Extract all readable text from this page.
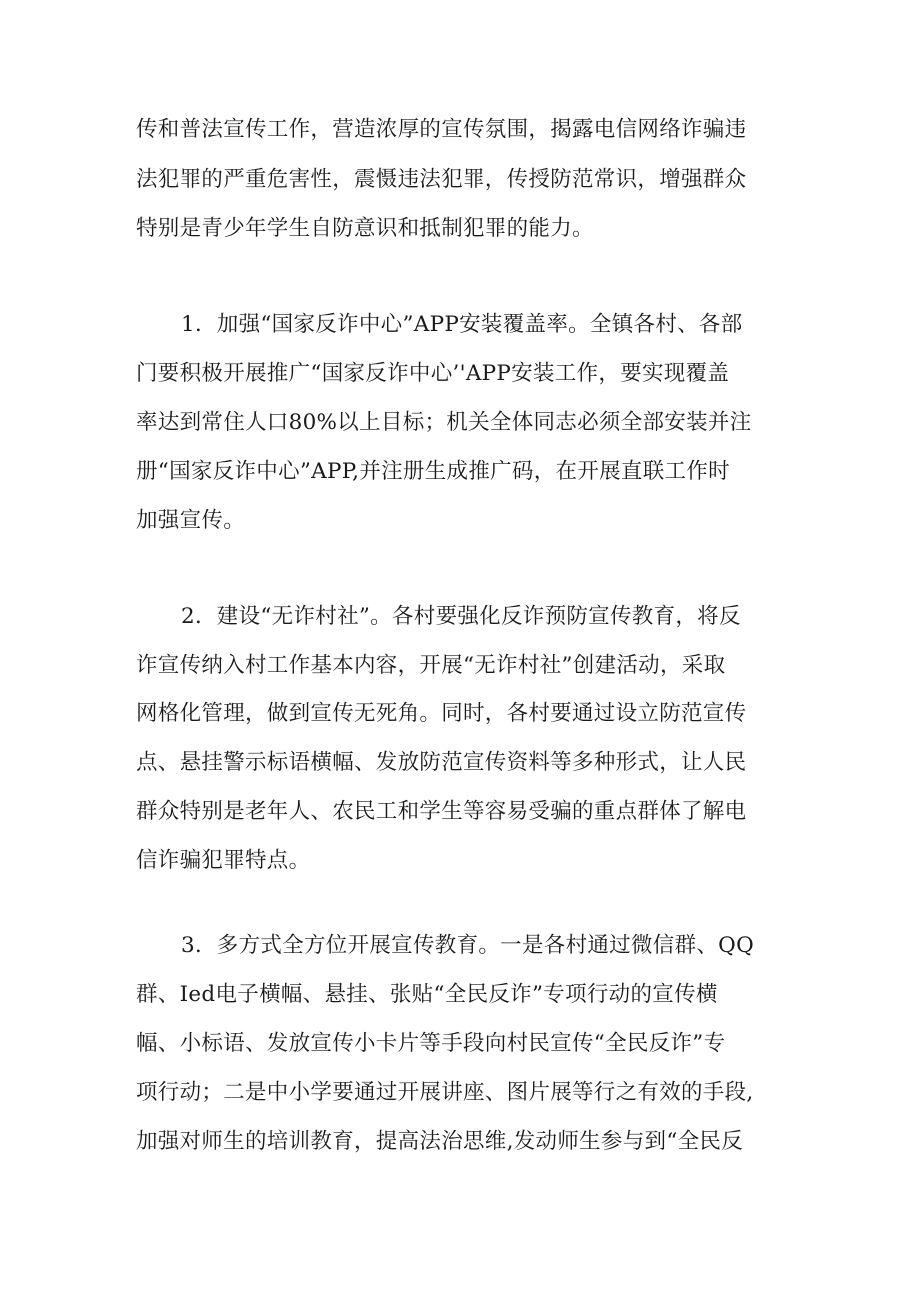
传和普法宣传工作，营造浓厚的宣传氛围，揭露电信网络诈骗违
法犯罪的严重危害性，震慑违法犯罪，传授防范常识，增强群众
特别是青少年学生自防意识和抵制犯罪的能力。
1．加强“国家反诈中心”APP安装覆盖率。全镇各村、各部
门要积极开展推广“国家反诈中心’'APP安装工作，要实现覆盖
率达到常住人口80%以上目标；机关全体同志必须全部安装并注
册“国家反诈中心”APP,并注册生成推广码，在开展直联工作时
加强宣传。
2．建设“无诈村社”。各村要强化反诈预防宣传教育，将反
诈宣传纳入村工作基本内容，开展“无诈村社”创建活动，采取
网格化管理，做到宣传无死角。同时，各村要通过设立防范宣传
点、悬挂警示标语横幅、发放防范宣传资料等多种形式，让人民
群众特别是老年人、农民工和学生等容易受骗的重点群体了解电
信诈骗犯罪特点。
3．多方式全方位开展宣传教育。一是各村通过微信群、QQ
群、Ied电子横幅、悬挂、张贴“全民反诈”专项行动的宣传横
幅、小标语、发放宣传小卡片等手段向村民宣传“全民反诈”专
项行动；二是中小学要通过开展讲座、图片展等行之有效的手段,
加强对师生的培训教育，提高法治思维,发动师生参与到“全民反
